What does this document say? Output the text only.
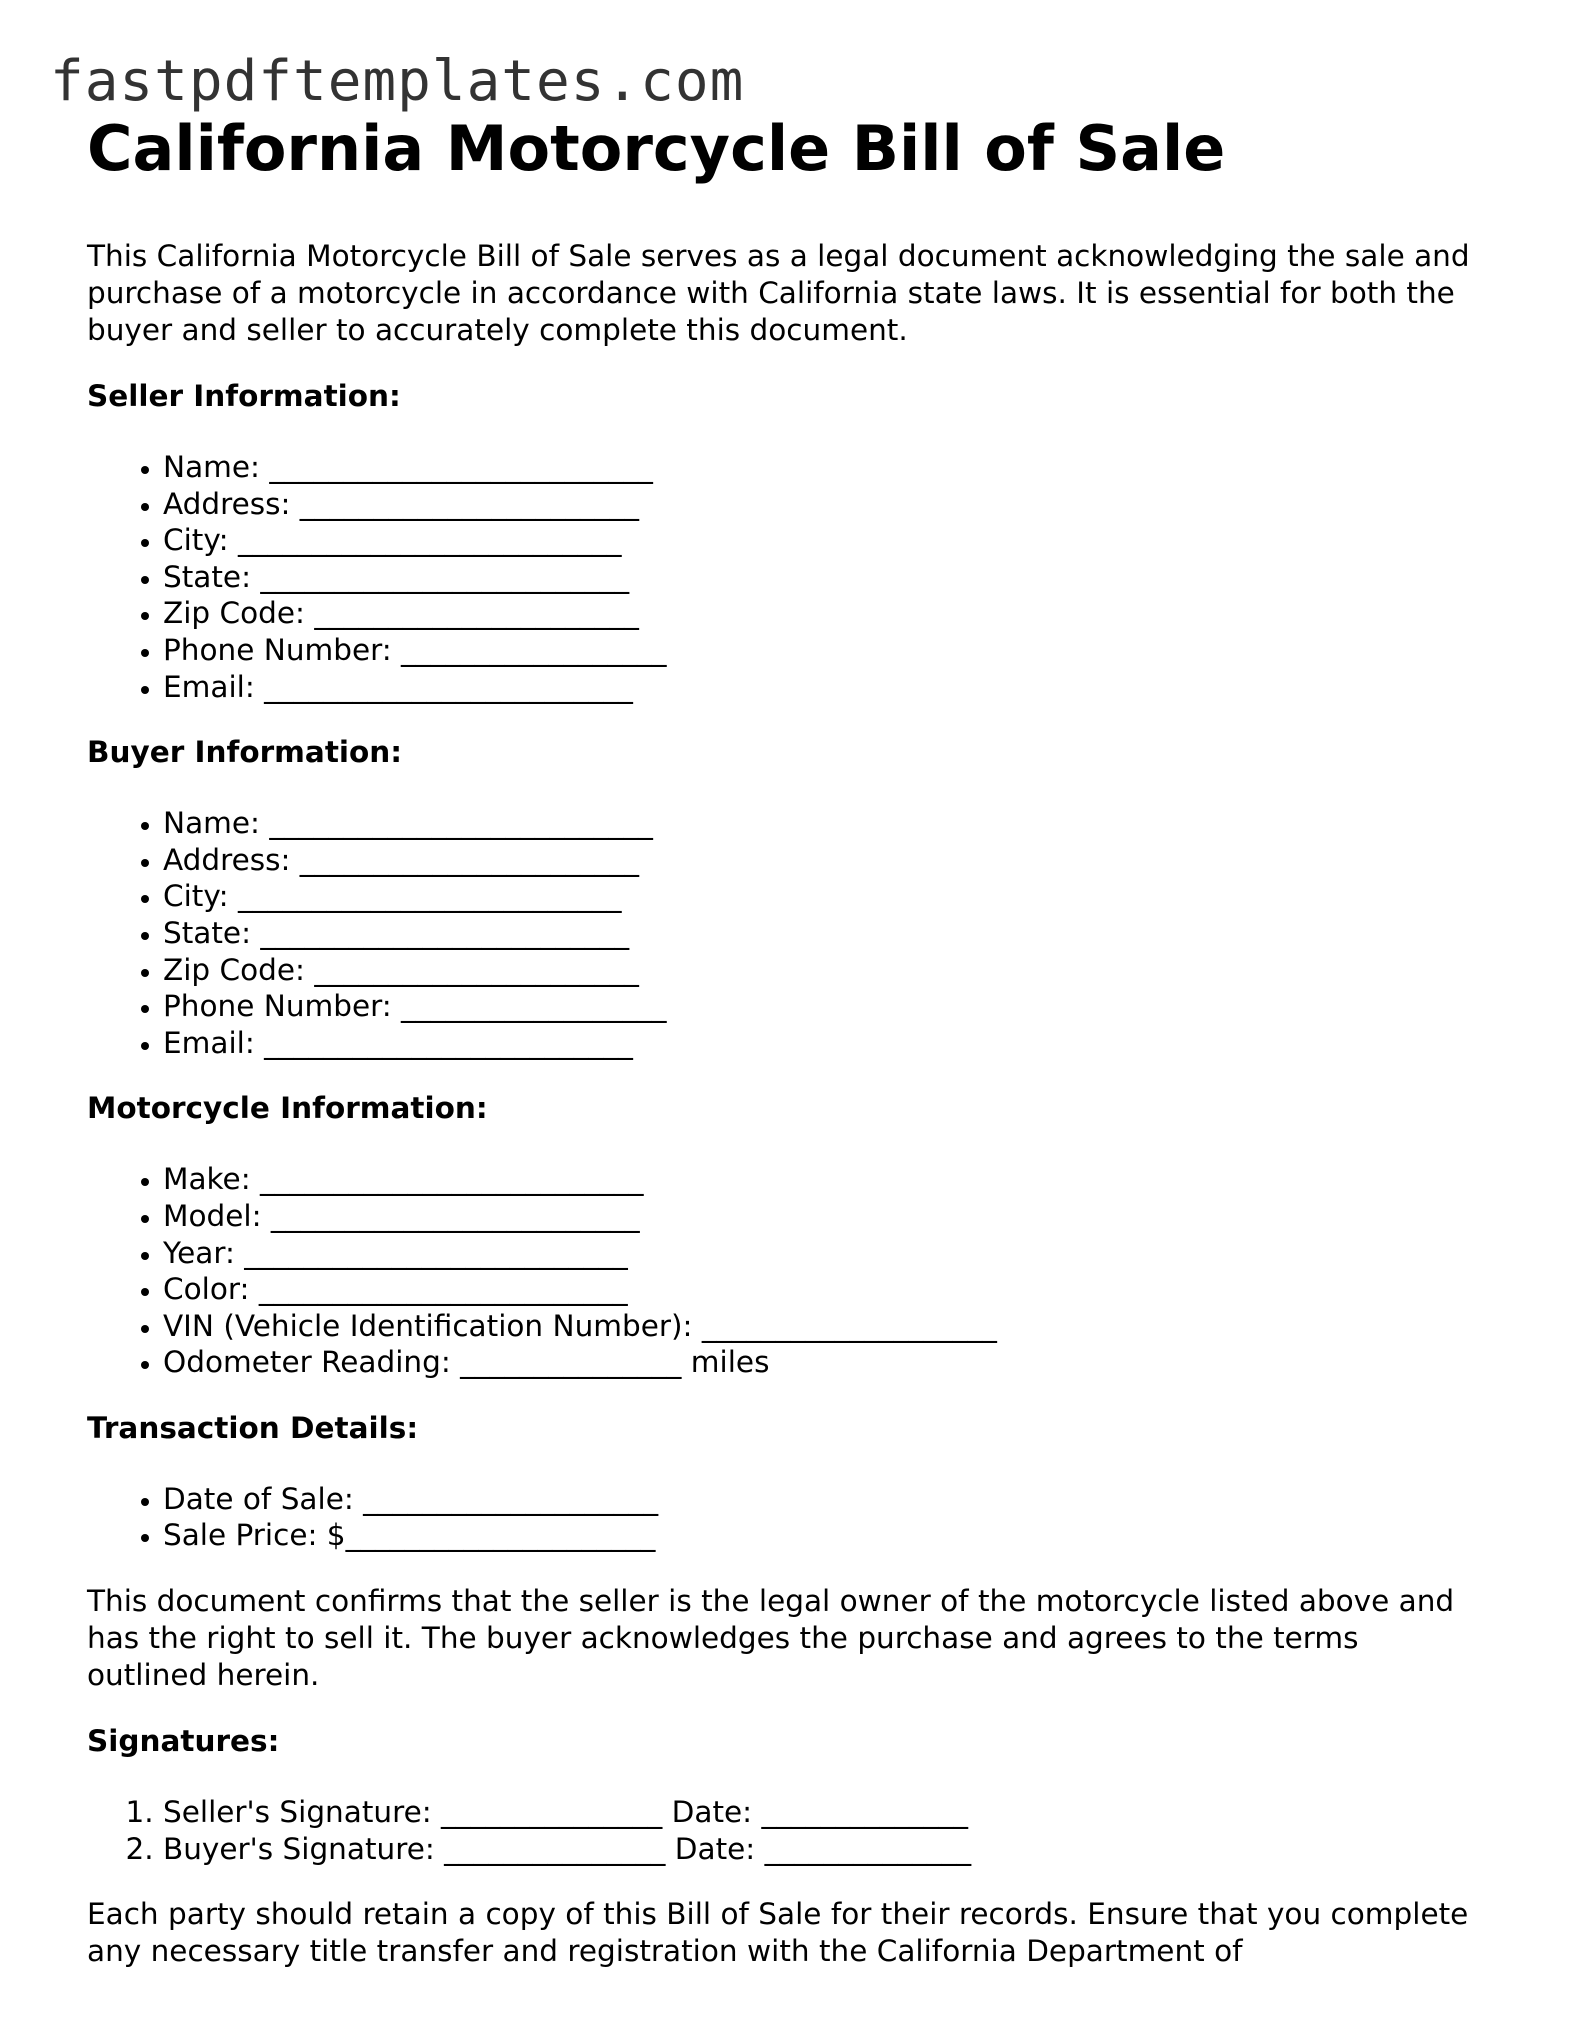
fastpdftemplates.com
California Motorcycle Bill of Sale

This California Motorcycle Bill of Sale serves as a legal document acknowledging the sale and purchase of a motorcycle in accordance with California state laws. It is essential for both the buyer and seller to accurately complete this document.

Seller Information:
• Name: __________________________
• Address: _______________________
• City: __________________________
• State: _________________________
• Zip Code: ______________________
• Phone Number: __________________
• Email: _________________________
Buyer Information:
• Name: __________________________
• Address: _______________________
• City: __________________________
• State: _________________________
• Zip Code: ______________________
• Phone Number: __________________
• Email: _________________________
Motorcycle Information:
• Make: __________________________
• Model: _________________________
• Year: __________________________
• Color: _________________________
• VIN (Vehicle Identification Number): ____________________
• Odometer Reading: _______________ miles
Transaction Details:
• Date of Sale: ____________________
• Sale Price: $_____________________

This document confirms that the seller is the legal owner of the motorcycle listed above and has the right to sell it. The buyer acknowledges the purchase and agrees to the terms outlined herein.

Signatures:
1. Seller's Signature: _______________ Date: ______________
2. Buyer's Signature: _______________ Date: ______________

Each party should retain a copy of this Bill of Sale for their records. Ensure that you complete any necessary title transfer and registration with the California Department of
